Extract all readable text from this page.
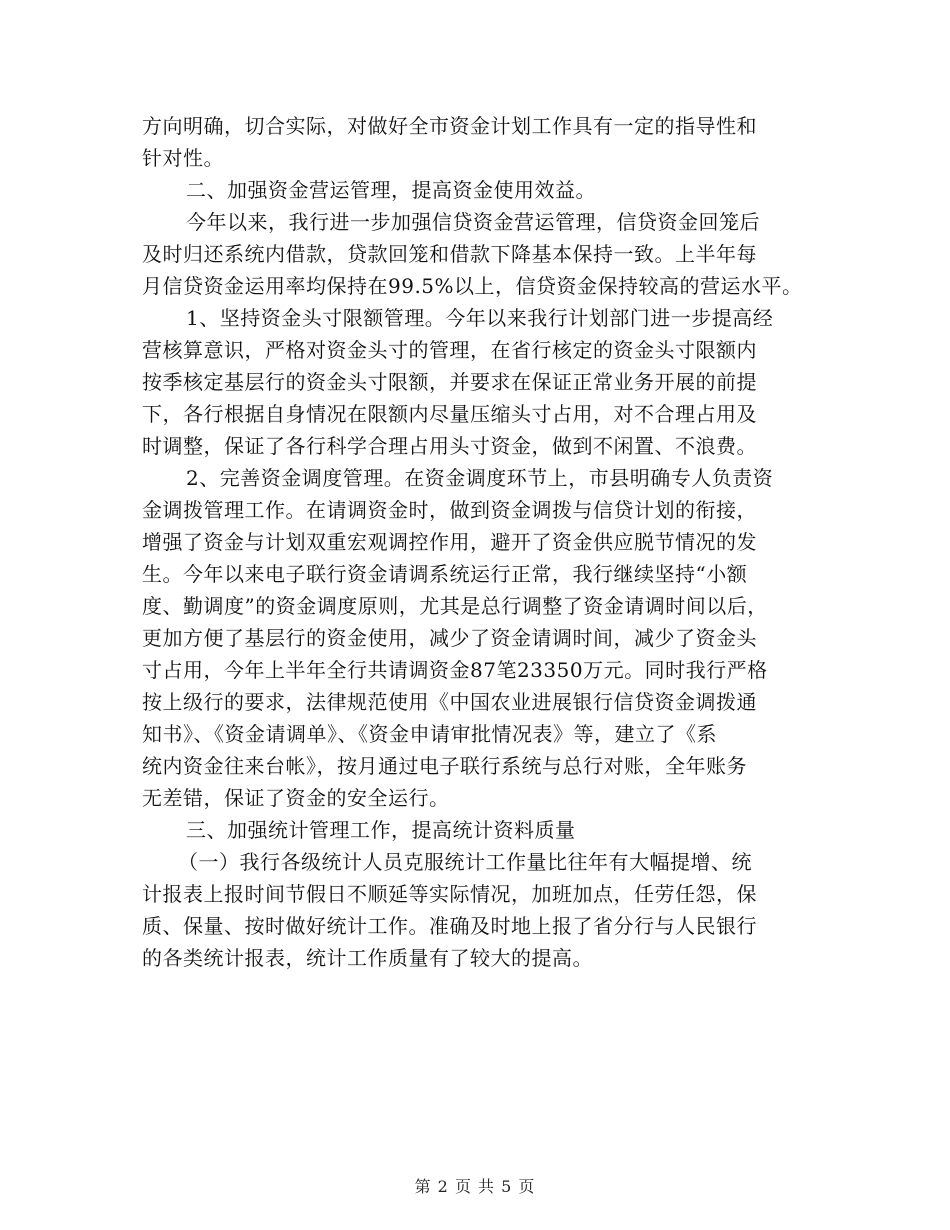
方向明确，切合实际，对做好全市资金计划工作具有一定的指导性和
针对性。
二、加强资金营运管理，提高资金使用效益。
今年以来，我行进一步加强信贷资金营运管理，信贷资金回笼后
及时归还系统内借款，贷款回笼和借款下降基本保持一致。上半年每
月信贷资金运用率均保持在99.5%以上，信贷资金保持较高的营运水平。
1、坚持资金头寸限额管理。今年以来我行计划部门进一步提高经
营核算意识，严格对资金头寸的管理，在省行核定的资金头寸限额内
按季核定基层行的资金头寸限额，并要求在保证正常业务开展的前提
下，各行根据自身情况在限额内尽量压缩头寸占用，对不合理占用及
时调整，保证了各行科学合理占用头寸资金，做到不闲置、不浪费。
2、完善资金调度管理。在资金调度环节上，市县明确专人负责资
金调拨管理工作。在请调资金时，做到资金调拨与信贷计划的衔接，
增强了资金与计划双重宏观调控作用，避开了资金供应脱节情况的发
生。今年以来电子联行资金请调系统运行正常，我行继续坚持“小额
度、勤调度”的资金调度原则，尤其是总行调整了资金请调时间以后，
更加方便了基层行的资金使用，减少了资金请调时间，减少了资金头
寸占用，今年上半年全行共请调资金87笔23350万元。同时我行严格
按上级行的要求，法律规范使用《中国农业进展银行信贷资金调拨通
知书》、《资金请调单》、《资金申请审批情况表》等，建立了《系
统内资金往来台帐》，按月通过电子联行系统与总行对账，全年账务
无差错，保证了资金的安全运行。
三、加强统计管理工作，提高统计资料质量
（一）我行各级统计人员克服统计工作量比往年有大幅提增、统
计报表上报时间节假日不顺延等实际情况，加班加点，任劳任怨，保
质、保量、按时做好统计工作。准确及时地上报了省分行与人民银行
的各类统计报表，统计工作质量有了较大的提高。
第 2 页 共 5 页
